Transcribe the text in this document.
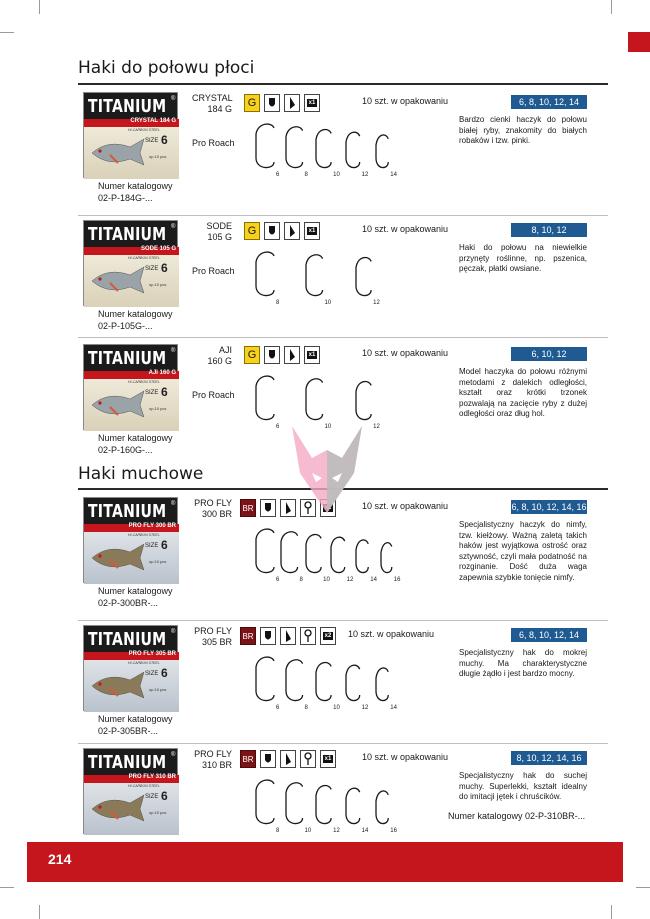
Haki do połowu płoci
Haki muchowe
TITANIUM ®
CRYSTAL 184 G
HI-CARBON STEEL
SIZE 6
op.10 pcs
CRYSTAL
184 G
Pro Roach
G	x1	10 szt. w opakowaniu	6, 8, 10, 12, 14
Bardzo cienki haczyk do połowu białej ryby, znakomity do białych robaków i tzw. pinki.
6	8	10	12	14
Numer katalogowy
02-P-184G-...
TITANIUM ®
SODE 105 G
HI-CARBON STEEL
SIZE 6
op.10 pcs
SODE
105 G
Pro Roach
G	x1	10 szt. w opakowaniu	8, 10, 12
Haki do połowu na niewielkie przynęty roślinne, np. pszenica, pęczak, płatki owsiane.
8	10	12
Numer katalogowy
02-P-105G-...
TITANIUM ®
AJI 160 G
HI-CARBON STEEL
SIZE 6
op.10 pcs
AJI
160 G
Pro Roach
G	x1	10 szt. w opakowaniu	6, 10, 12
Model haczyka do połowu różnymi metodami z dalekich odległości, kształt oraz krótki trzonek pozwalają na zacięcie ryby z dużej odległości oraz dług hol.
6	10	12
Numer katalogowy
02-P-160G-...
TITANIUM ®
PRO FLY 300 BR
HI-CARBON STEEL
SIZE 6
op.10 pcs
PRO FLY
300 BR
BR	10 szt. w opakowaniu	6, 8, 10, 12, 14, 16
Specjalistyczny haczyk do nimfy, tzw. kiełżowy. Ważną zaletą takich haków jest wyjątkowa ostrość oraz sztywność, czyli mała podatność na rozginanie. Dość duża waga zapewnia szybkie tonięcie nimfy.
6	8	10	12	14	16
Numer katalogowy
02-P-300BR-...
TITANIUM ®
PRO FLY 305 BR
HI-CARBON STEEL
SIZE 6
op.10 pcs
PRO FLY
305 BR
BR	x2 10 szt. w opakowaniu	6, 8, 10, 12, 14
Specjalistyczny hak do mokrej muchy. Ma charakterystyczne długie żądło i jest bardzo mocny.
6	8	10	12	14
Numer katalogowy
02-P-305BR-...
TITANIUM ®
PRO FLY 310 BR
HI-CARBON STEEL
SIZE 6
op.10 pcs
PRO FLY
310 BR
BR	x1	10 szt. w opakowaniu	8, 10, 12, 14, 16
Specjalistyczny hak do suchej muchy. Superlekki, kształt idealny do imitacji jętek i chruścików.
8	10	12	14	16
Numer katalogowy 02-P-310BR-...
214
